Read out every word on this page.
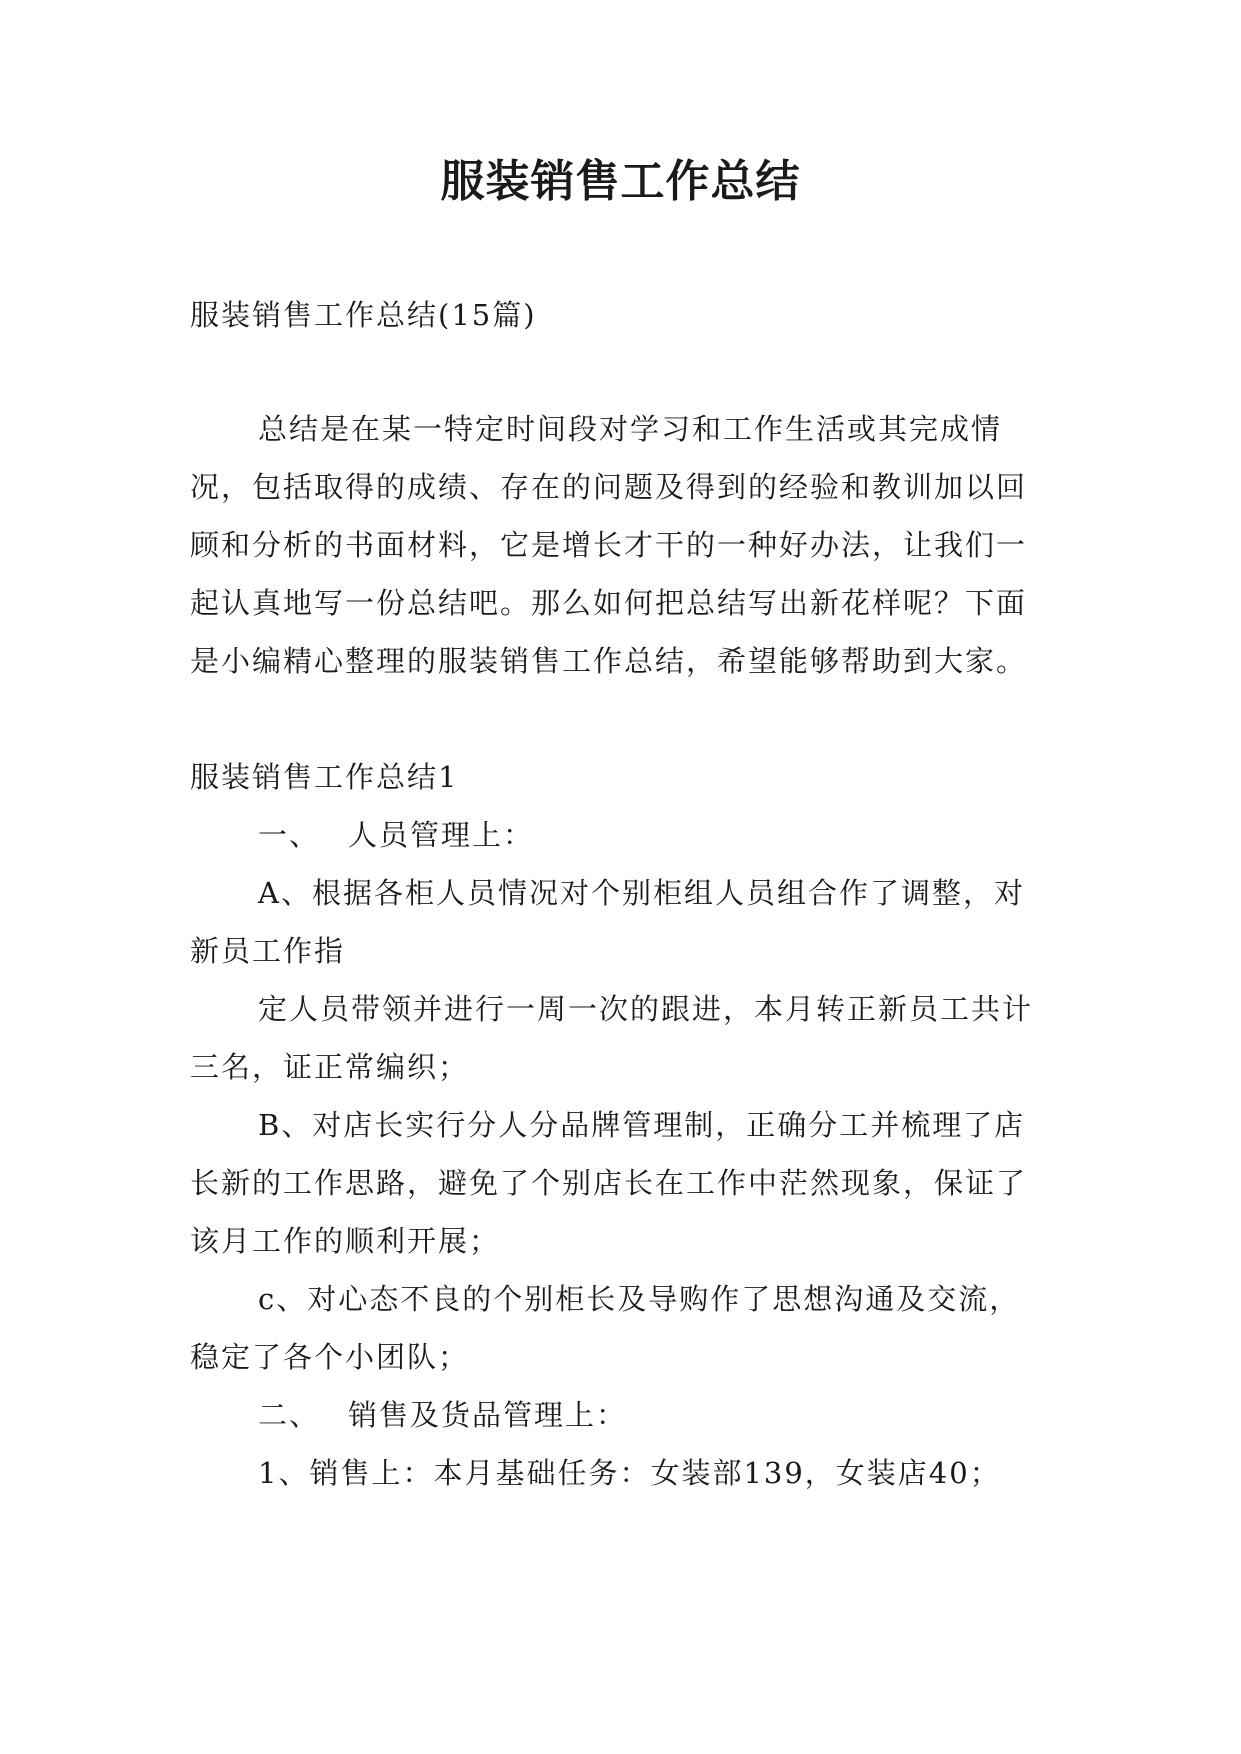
服装销售工作总结

服装销售工作总结(15篇)

总结是在某一特定时间段对学习和工作生活或其完成情况，包括取得的成绩、存在的问题及得到的经验和教训加以回顾和分析的书面材料，它是增长才干的一种好办法，让我们一起认真地写一份总结吧。那么如何把总结写出新花样呢？下面是小编精心整理的服装销售工作总结，希望能够帮助到大家。

服装销售工作总结1

一、 人员管理上：

A、根据各柜人员情况对个别柜组人员组合作了调整，对新员工作指

定人员带领并进行一周一次的跟进，本月转正新员工共计三名，证正常编织；

B、对店长实行分人分品牌管理制，正确分工并梳理了店长新的工作思路，避免了个别店长在工作中茫然现象，保证了该月工作的顺利开展；

c、对心态不良的个别柜长及导购作了思想沟通及交流，稳定了各个小团队；

二、 销售及货品管理上：

1、销售上：本月基础任务：女装部139，女装店40；
